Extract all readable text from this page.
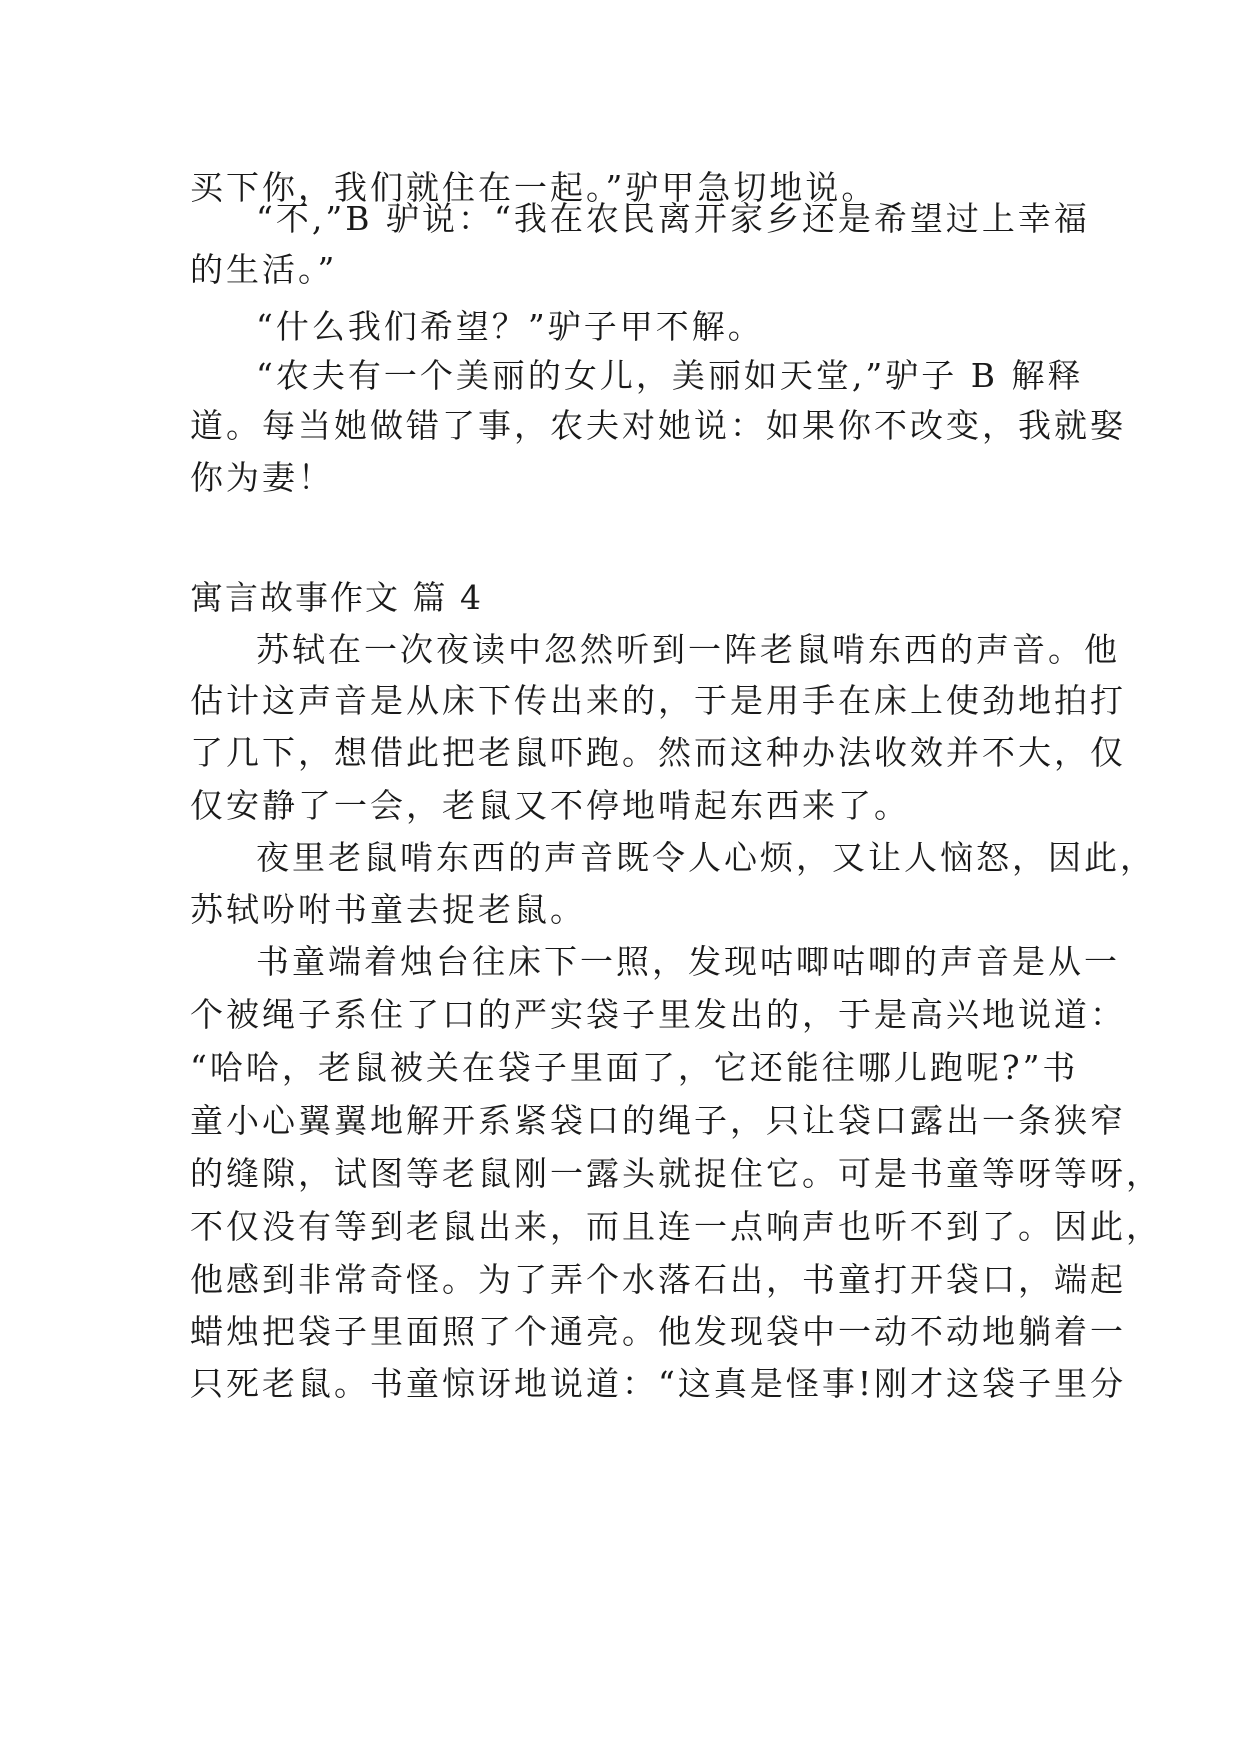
买下你，我们就住在一起。”驴甲急切地说。
“不,”B 驴说：“我在农民离开家乡还是希望过上幸福
的生活。”
“什么我们希望？”驴子甲不解。
“农夫有一个美丽的女儿，美丽如天堂,”驴子 B 解释
道。每当她做错了事，农夫对她说：如果你不改变，我就娶
你为妻！
寓言故事作文 篇 4
苏轼在一次夜读中忽然听到一阵老鼠啃东西的声音。他
估计这声音是从床下传出来的，于是用手在床上使劲地拍打
了几下，想借此把老鼠吓跑。然而这种办法收效并不大，仅
仅安静了一会，老鼠又不停地啃起东西来了。
夜里老鼠啃东西的声音既令人心烦，又让人恼怒，因此，
苏轼吩咐书童去捉老鼠。
书童端着烛台往床下一照，发现咕唧咕唧的声音是从一
个被绳子系住了口的严实袋子里发出的，于是高兴地说道：
“哈哈，老鼠被关在袋子里面了，它还能往哪儿跑呢?”书
童小心翼翼地解开系紧袋口的绳子，只让袋口露出一条狭窄
的缝隙，试图等老鼠刚一露头就捉住它。可是书童等呀等呀，
不仅没有等到老鼠出来，而且连一点响声也听不到了。因此，
他感到非常奇怪。为了弄个水落石出，书童打开袋口，端起
蜡烛把袋子里面照了个通亮。他发现袋中一动不动地躺着一
只死老鼠。书童惊讶地说道：“这真是怪事!刚才这袋子里分
